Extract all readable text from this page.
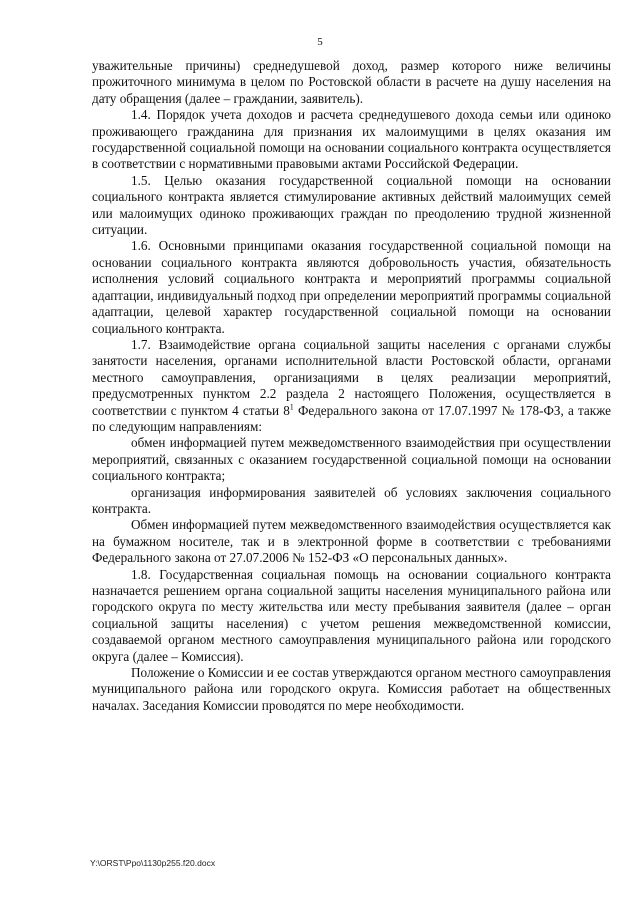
5

уважительные причины) среднедушевой доход, размер которого ниже величины прожиточного минимума в целом по Ростовской области в расчете на душу населения на дату обращения (далее – граждании, заявитель).

1.4. Порядок учета доходов и расчета среднедушевого дохода семьи или одиноко проживающего гражданина для признания их малоимущими в целях оказания им государственной социальной помощи на основании социального контракта осуществляется в соответствии с нормативными правовыми актами Российской Федерации.

1.5. Целью оказания государственной социальной помощи на основании социального контракта является стимулирование активных действий малоимущих семей или малоимущих одиноко проживающих граждан по преодолению трудной жизненной ситуации.

1.6. Основными принципами оказания государственной социальной помощи на основании социального контракта являются добровольность участия, обязательность исполнения условий социального контракта и мероприятий программы социальной адаптации, индивидуальный подход при определении мероприятий программы социальной адаптации, целевой характер государственной социальной помощи на основании социального контракта.

1.7. Взаимодействие органа социальной защиты населения с органами службы занятости населения, органами исполнительной власти Ростовской области, органами местного самоуправления, организациями в целях реализации мероприятий, предусмотренных пунктом 2.2 раздела 2 настоящего Положения, осуществляется в соответствии с пунктом 4 статьи $8^1$ Федерального закона от 17.07.1997 № 178-ФЗ, а также по следующим направлениям:

обмен информацией путем межведомственного взаимодействия при осуществлении мероприятий, связанных с оказанием государственной социальной помощи на основании социального контракта;

организация информирования заявителей об условиях заключения социального контракта.

Обмен информацией путем межведомственного взаимодействия осуществляется как на бумажном носителе, так и в электронной форме в соответствии с требованиями Федерального закона от 27.07.2006 № 152-ФЗ «О персональных данных».

1.8. Государственная социальная помощь на основании социального контракта назначается решением органа социальной защиты населения муниципального района или городского округа по месту жительства или месту пребывания заявителя (далее – орган социальной защиты населения) с учетом решения межведомственной комиссии, создаваемой органом местного самоуправления муниципального района или городского округа (далее – Комиссия).

Положение о Комиссии и ее состав утверждаются органом местного самоуправления муниципального района или городского округа. Комиссия работает на общественных началах. Заседания Комиссии проводятся по мере необходимости.

Y:\ORST\Ppo\1130p255.f20.docx
